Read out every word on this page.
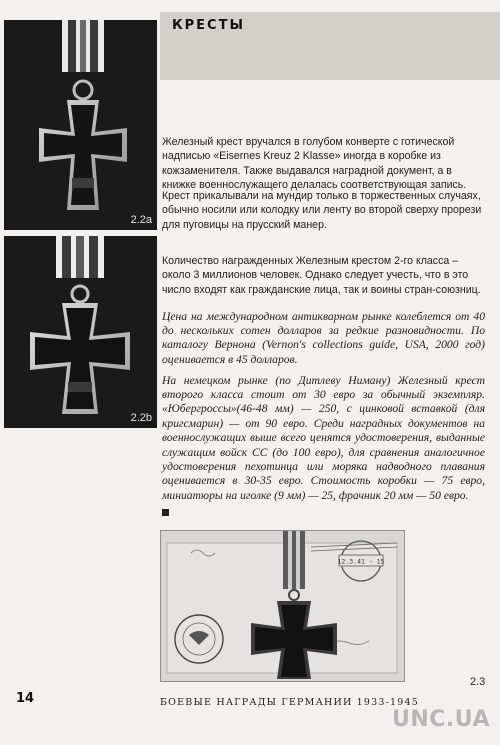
КРЕСТЫ
2.2a
2.2b

Железный крест вручался в голубом конверте с готической надписью «Eisernes Kreuz 2 Klasse» иногда в коробке из кожзаменителя. Также выдавался наградной документ, а в книжке военнослужащего делалась соответствующая запись.

Крест прикалывали на мундир только в торжественных случаях, обычно носили или колодку или ленту во второй сверху прорези для пуговицы на прусский манер.

Количество награжденных Железным крестом 2-го класса – около 3 миллионов человек. Однако следует учесть, что в это число входят как гражданские лица, так и воины стран-союзниц.

Цена на международном антикварном рынке колеблется от 40 до нескольких сотен долларов за редкие разновидности. По каталогу Вернона (Vernon's collections guide, USA, 2000 год) оценивается в 45 долларов.

На немецком рынке (по Дитлеву Ниману) Железный крест второго класса стоит от 30 евро за обычный экземпляр. «Юбергроссы»(46-48 мм) — 250, с цинковой вставкой (для кригсмарин) — от 90 евро. Среди наградных документов на военнослужащих выше всего ценятся удостоверения, выданные служащим войск СС (до 100 евро), для сравнения аналогичное удостоверения пехотинца или моряка надводного плавания оценивается в 30-35 евро. Стоимость коробки — 75 евро, миниатюры на иголке (9 мм) — 25, фрачник 20 мм — 50 евро.

12.3.41 - 15
2.3
14	БОЕВЫЕ НАГРАДЫ ГЕРМАНИИ 1933-1945
UNC.UA
